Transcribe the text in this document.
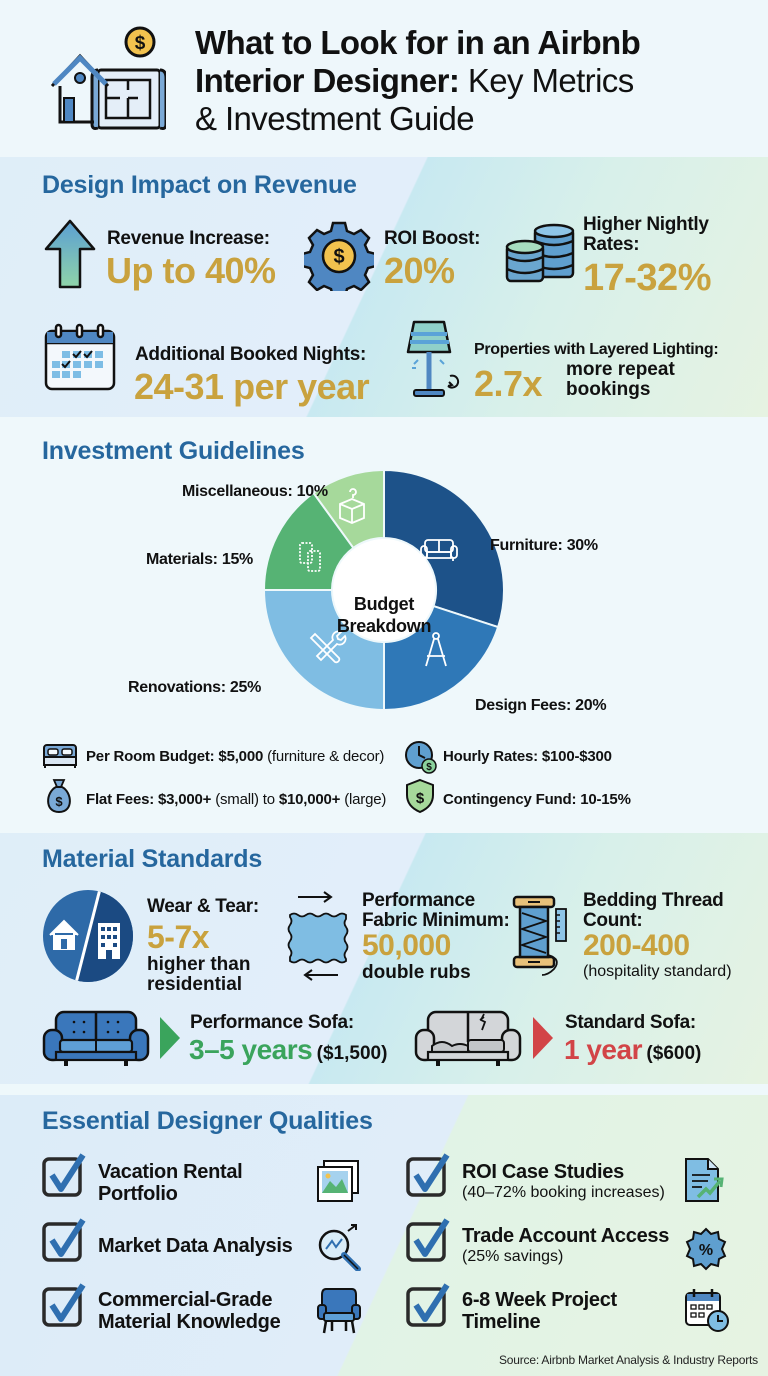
$ What to Look for in an Airbnb
Interior Designer: Key Metrics
& Investment Guide
Design Impact on Revenue
Revenue Increase:
Up to 40%	$
ROI Boost:
20%
Higher Nightly
Rates:
17-32%
Additional Booked Nights:
24-31 per year
Properties with Layered Lighting:
2.7x more repeat
bookings
Investment Guidelines
Budget
Breakdown
Furniture: 30%
Design Fees: 20%
Renovations: 25%
Materials: 15%
Miscellaneous: 10%
Per Room Budget: $5,000 (furniture & decor)
$
Hourly Rates: $100-$300
$ Flat Fees: $3,000+ (small) to $10,000+ (large) $ Contingency Fund: 10-15%
Material Standards
Wear & Tear:
5-7x
higher than
residential
Performance
Fabric Minimum:
50,000
double rubs
Bedding Thread
Count:
200-400
(hospitality standard)
Performance Sofa:
3–5 years ($1,500)
Standard Sofa:
1 year ($600)
Essential Designer Qualities
Vacation Rental
Portfolio
ROI Case Studies
(40–72% booking increases)
Market Data Analysis	Trade Account Access
(25% savings)	%
Commercial-Grade
Material Knowledge
6-8 Week Project
Timeline
Source: Airbnb Market Analysis & Industry Reports
